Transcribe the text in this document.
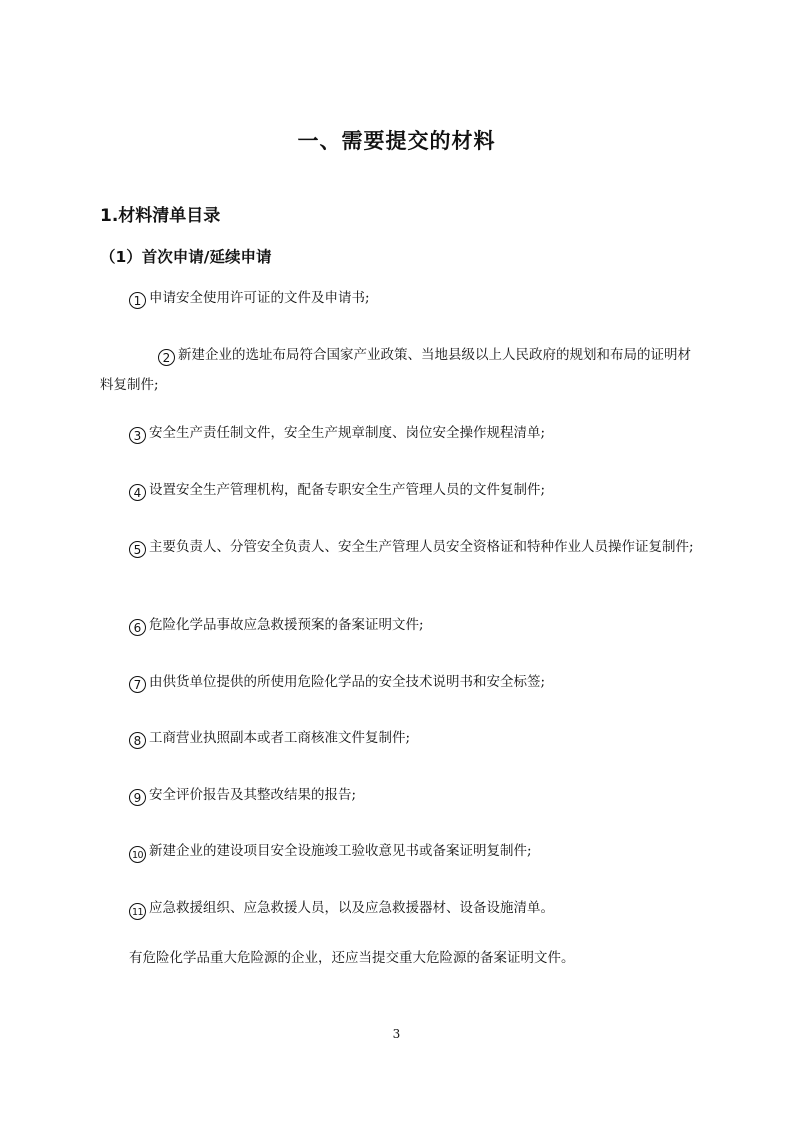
一、需要提交的材料
1.材料清单目录
（1）首次申请/延续申请
1 申请安全使用许可证的文件及申请书;
2 新建企业的选址布局符合国家产业政策、当地县级以上人民政府的规划和布局的证明材料复制件;
3 安全生产责任制文件，安全生产规章制度、岗位安全操作规程清单;
4 设置安全生产管理机构，配备专职安全生产管理人员的文件复制件;
5 主要负责人、分管安全负责人、安全生产管理人员安全资格证和特种作业人员操作证复制件;
6 危险化学品事故应急救援预案的备案证明文件;
7 由供货单位提供的所使用危险化学品的安全技术说明书和安全标签;
8 工商营业执照副本或者工商核准文件复制件;
9 安全评价报告及其整改结果的报告;
10 新建企业的建设项目安全设施竣工验收意见书或备案证明复制件;
11 应急救援组织、应急救援人员，以及应急救援器材、设备设施清单。
有危险化学品重大危险源的企业，还应当提交重大危险源的备案证明文件。
3
